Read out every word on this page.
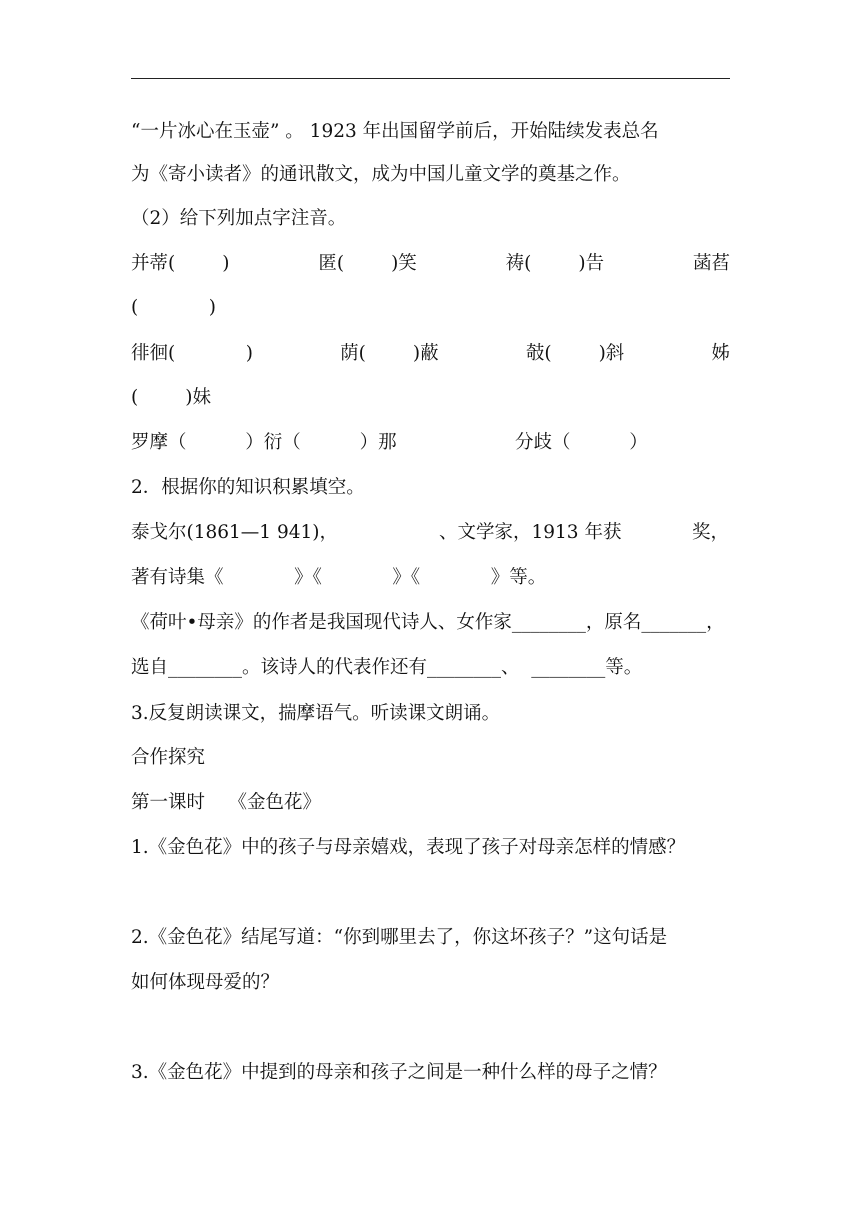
“一片冰心在玉壶” 。 1923 年出国留学前后，开始陆续发表总名

为《寄小读者》的通讯散文，成为中国儿童文学的奠基之作。

（2）给下列加点字注音。

并蒂(        )	匿(        )笑	祷(        )告	菡萏

(            )

徘徊(            )	荫(        )蔽	攲(        )斜	姊

(        )妹

罗摩（          ）衍（          ）那	分歧（          ）

2．根据你的知识积累填空。

泰戈尔(1861—1 941)，	、文学家，1913 年获	奖，

著有诗集《            》《            》《            》等。

《荷叶•母亲》的作者是我国现代诗人、女作家________，原名_______，

选自________。该诗人的代表作还有________、  ________等。

3.反复朗读课文，揣摩语气。听读课文朗诵。

合作探究

第一课时    《金色花》

1.《金色花》中的孩子与母亲嬉戏，表现了孩子对母亲怎样的情感？

2.《金色花》结尾写道：“你到哪里去了，你这坏孩子？”这句话是

如何体现母爱的？

3.《金色花》中提到的母亲和孩子之间是一种什么样的母子之情？
